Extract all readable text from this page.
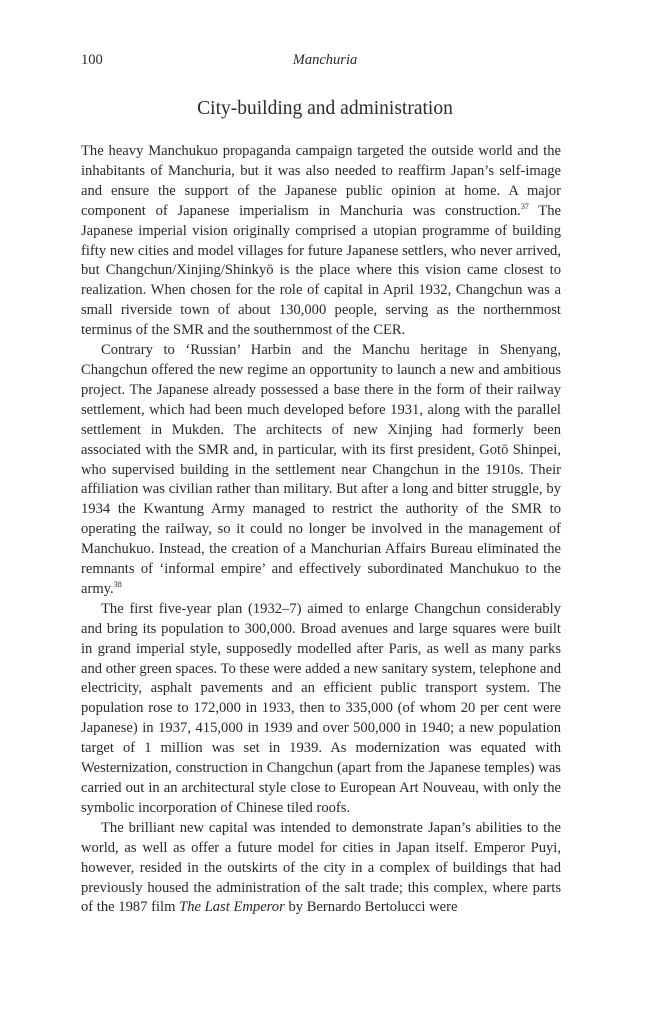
100	Manchuria
City-building and administration

The heavy Manchukuo propaganda campaign targeted the outside world and the inhabitants of Manchuria, but it was also needed to reaffirm Japan’s self-image and ensure the support of the Japanese public opinion at home. A major component of Japanese imperialism in Manchuria was construction.$^{37}$ The Japanese imperial vision originally comprised a utopian programme of building fifty new cities and model villages for future Japanese settlers, who never arrived, but Changchun/Xinjing/Shinkyō is the place where this vision came closest to realization. When chosen for the role of capital in April 1932, Changchun was a small riverside town of about 130,000 people, serving as the northernmost terminus of the SMR and the southernmost of the CER.

Contrary to ‘Russian’ Harbin and the Manchu heritage in Shenyang, Changchun offered the new regime an opportunity to launch a new and ambitious project. The Japanese already possessed a base there in the form of their railway settlement, which had been much developed before 1931, along with the parallel settlement in Mukden. The architects of new Xinjing had formerly been associated with the SMR and, in particular, with its first president, Gotō Shinpei, who supervised building in the settlement near Changchun in the 1910s. Their affiliation was civilian rather than military. But after a long and bitter struggle, by 1934 the Kwantung Army managed to restrict the authority of the SMR to operating the railway, so it could no longer be involved in the management of Manchukuo. Instead, the creation of a Manchurian Affairs Bureau eliminated the remnants of ‘informal empire’ and effectively subordinated Manchukuo to the army.$^{38}$

The first five-year plan (1932–7) aimed to enlarge Changchun considerably and bring its population to 300,000. Broad avenues and large squares were built in grand imperial style, supposedly modelled after Paris, as well as many parks and other green spaces. To these were added a new sanitary system, telephone and electricity, asphalt pavements and an efficient public transport system. The population rose to 172,000 in 1933, then to 335,000 (of whom 20 per cent were Japanese) in 1937, 415,000 in 1939 and over 500,000 in 1940; a new population target of 1 million was set in 1939. As modernization was equated with Westernization, construction in Changchun (apart from the Japanese temples) was carried out in an architectural style close to European Art Nouveau, with only the symbolic incorporation of Chinese tiled roofs.

The brilliant new capital was intended to demonstrate Japan’s abilities to the world, as well as offer a future model for cities in Japan itself. Emperor Puyi, however, resided in the outskirts of the city in a complex of buildings that had previously housed the administration of the salt trade; this complex, where parts of the 1987 film The Last Emperor by Bernardo Bertolucci were
